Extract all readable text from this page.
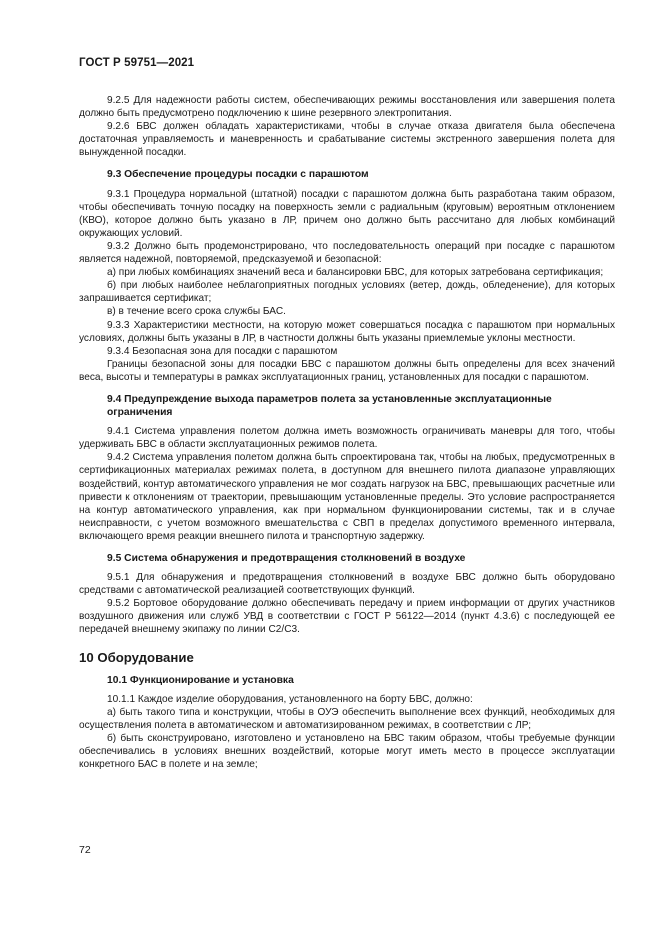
ГОСТ Р 59751—2021

9.2.5 Для надежности работы систем, обеспечивающих режимы восстановления или завершения полета должно быть предусмотрено подключению к шине резервного электропитания.

9.2.6 БВС должен обладать характеристиками, чтобы в случае отказа двигателя была обеспечена достаточная управляемость и маневренность и срабатывание системы экстренного завершения полета для вынужденной посадки.

9.3 Обеспечение процедуры посадки с парашютом

9.3.1 Процедура нормальной (штатной) посадки с парашютом должна быть разработана таким образом, чтобы обеспечивать точную посадку на поверхность земли с радиальным (круговым) вероятным отклонением (КВО), которое должно быть указано в ЛР, причем оно должно быть рассчитано для любых комбинаций окружающих условий.

9.3.2 Должно быть продемонстрировано, что последовательность операций при посадке с парашютом является надежной, повторяемой, предсказуемой и безопасной:

а) при любых комбинациях значений веса и балансировки БВС, для которых затребована сертификация;

б) при любых наиболее неблагоприятных погодных условиях (ветер, дождь, обледенение), для которых запрашивается сертификат;

в) в течение всего срока службы БАС.

9.3.3 Характеристики местности, на которую может совершаться посадка с парашютом при нормальных условиях, должны быть указаны в ЛР, в частности должны быть указаны приемлемые уклоны местности.

9.3.4 Безопасная зона для посадки с парашютом

Границы безопасной зоны для посадки БВС с парашютом должны быть определены для всех значений веса, высоты и температуры в рамках эксплуатационных границ, установленных для посадки с парашютом.

9.4 Предупреждение выхода параметров полета за установленные эксплуатационные ограничения

9.4.1 Система управления полетом должна иметь возможность ограничивать маневры для того, чтобы удерживать БВС в области эксплуатационных режимов полета.

9.4.2 Система управления полетом должна быть спроектирована так, чтобы на любых, предусмотренных в сертификационных материалах режимах полета, в доступном для внешнего пилота диапазоне управляющих воздействий, контур автоматического управления не мог создать нагрузок на БВС, превышающих расчетные или привести к отклонениям от траектории, превышающим установленные пределы. Это условие распространяется на контур автоматического управления, как при нормальном функционировании системы, так и в случае неисправности, с учетом возможного вмешательства с СВП в пределах допустимого временного интервала, включающего время реакции внешнего пилота и транспортную задержку.

9.5 Система обнаружения и предотвращения столкновений в воздухе

9.5.1 Для обнаружения и предотвращения столкновений в воздухе БВС должно быть оборудовано средствами с автоматической реализацией соответствующих функций.

9.5.2 Бортовое оборудование должно обеспечивать передачу и прием информации от других участников воздушного движения или служб УВД в соответствии с ГОСТ Р 56122—2014 (пункт 4.3.6) с последующей ее передачей внешнему экипажу по линии С2/С3.

10 Оборудование
10.1 Функционирование и установка

10.1.1 Каждое изделие оборудования, установленного на борту БВС, должно:

а) быть такого типа и конструкции, чтобы в ОУЭ обеспечить выполнение всех функций, необходимых для осуществления полета в автоматическом и автоматизированном режимах, в соответствии с ЛР;

б) быть сконструировано, изготовлено и установлено на БВС таким образом, чтобы требуемые функции обеспечивались в условиях внешних воздействий, которые могут иметь место в процессе эксплуатации конкретного БАС в полете и на земле;

72
